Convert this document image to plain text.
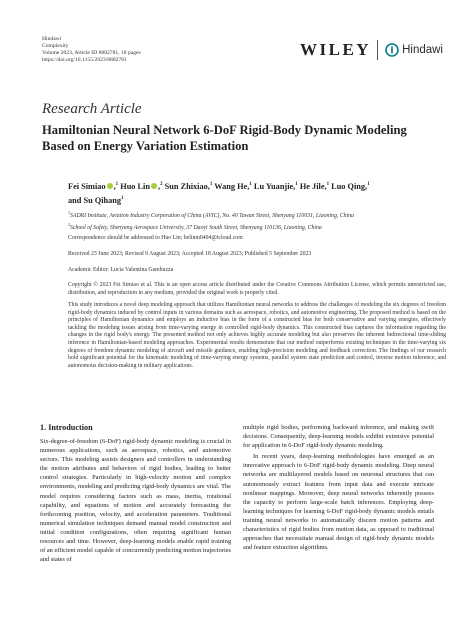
Hindawi
Complexity
Volume 2023, Article ID 8882781, 18 pages
https://doi.org/10.1155/2023/8882781
WILEY	Hindawi
Research Article
Hamiltonian Neural Network 6-DoF Rigid-Body Dynamic Modeling Based on Energy Variation Estimation
Fei Simiao ,$^1$ Huo Lin ,$^2$ Sun Zhixiao,$^1$ Wang He,$^1$ Lu Yuanjie,$^1$ He Jile,$^1$ Luo Qing,$^1$
and Su Qihang$^1$
$^1$SADRI Institute, Aviation Industry Corporation of China (AVIC), No. 40 Tawan Street, Shenyang 110031, Liaoning, China
$^2$School of Safety, Shenyang Aerospace University, 37 Daoyi South Street, Shenyang 110136, Liaoning, China
Correspondence should be addressed to Huo Lin; helinm0404@icloud.com
Received 23 June 2023; Revised 9 August 2023; Accepted 18 August 2023; Published 5 September 2023
Academic Editor: Lucia Valentina Gambuzza
Copyright © 2023 Fei Simiao et al. This is an open access article distributed under the Creative Commons Attribution License, which permits unrestricted use, distribution, and reproduction in any medium, provided the original work is properly cited.
This study introduces a novel deep modeling approach that utilizes Hamiltonian neural networks to address the challenges of modeling the six degrees of freedom rigid-body dynamics induced by control inputs in various domains such as aerospace, robotics, and automotive engineering. The proposed method is based on the principles of Hamiltonian dynamics and employs an inductive bias in the form of a constructed bias for both conservative and varying energies, effectively tackling the modeling issues arising from time-varying energy in controlled rigid-body dynamics. This constructed bias captures the information regarding the changes in the rigid body's energy. The presented method not only achieves highly accurate modeling but also preserves the inherent bidirectional time-sliding inference in Hamiltonian-based modeling approaches. Experimental results demonstrate that our method outperforms existing techniques in the time-varying six degrees of freedom dynamic modeling of aircraft and missile guidance, enabling high-precision modeling and feedback correction. The findings of our research hold significant potential for the kinematic modeling of time-varying energy systems, parallel system state prediction and control, inverse motion inference, and autonomous decision-making in military applications.
1. Introduction

Six-degree-of-freedom (6-DoF) rigid-body dynamic modeling is crucial in numerous applications, such as aerospace, robotics, and automotive sectors. This modeling assists designers and controllers in understanding the motion attributes and behaviors of rigid bodies, leading to better control strategies. Particularly in high-velocity motion and complex environments, modeling and predicting rigid-body dynamics are vital. The model requires considering factors such as mass, inertia, rotational capability, and equations of motion and accurately forecasting the forthcoming position, velocity, and acceleration parameters. Traditional numerical simulation techniques demand manual model construction and initial condition configurations, often requiring significant human resources and time. However, deep-learning models enable rapid training of an efficient model capable of concurrently predicting motion trajectories and states of

multiple rigid bodies, performing backward inference, and making swift decisions. Consequently, deep-learning models exhibit extensive potential for application in 6-DoF rigid-body dynamic modeling.

In recent years, deep-learning methodologies have emerged as an innovative approach to 6-DoF rigid-body dynamic modeling. Deep neural networks are multilayered models based on neuronal structures that can autonomously extract features from input data and execute intricate nonlinear mappings. Moreover, deep neural networks inherently possess the capacity to perform large-scale batch inferences. Employing deep-learning techniques for learning 6-DoF rigid-body dynamic models entails training neural networks to automatically discern motion patterns and characteristics of rigid bodies from motion data, as opposed to traditional approaches that necessitate manual design of rigid-body dynamic models and feature extraction algorithms.
